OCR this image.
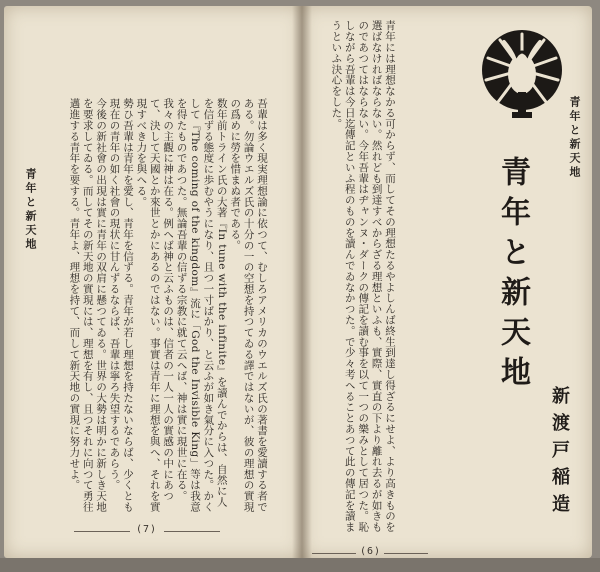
青年と新天地	吾輩は多く現実理想論に依つて、むしろアメリカのウエルズ氏の著書を愛讀する者である。勿論ウエルズ氏の十分の一の空想を持つてゐる譯ではないが、彼の理想の實現の爲めに勞を惜まぬ者である。
数年前トライン氏の大著『In tune with the infinite』を讀んでからは、自然に人を信ずる態度に歩むやうになり、且つ一寸ばかり、と云ふが如き氣分に入つた。かくして『The coming of the kingdom』流に「God the Invisible King」等は我意を得たものであつた。無論吾輩の信ずる宗教に就て云へば、神は實に現世に在る。我々の主觀に神は在る。例へば神と云ふものは、信者の一人一人の實感の中にあつて、決して天國とか來世とかにあるのではない。事實は青年に理想を與へ、それを實現すべき力を與へる。
勢ひ吾輩は青年を愛し、青年を信ずる。青年が若し理想を持たないならば、少くとも現在の青年の如く社會の現状に甘んずるならば、吾輩は寧ろ失望するであらう。
今後の新社會の出現は實に青年の双肩に懸つてゐる。世界の大勢は明かに新しき天地を要求してゐる。而してその新天地の實現には、理想を有し、且つそれに向つて勇往邁進する青年を要する。青年よ、理想を持て、而して新天地の實現に努力せよ。
(7)
青年と新天地
青年と新天地
新渡戸稲造
青年には理想なかる可からず、而してその理想たるやよしんば終生到達し得ざるにせよ、より高きものを選ばなければならない。然れども到達すべからざる理想といふも、實際、實直の下より離れ去るが如きものであつてはならない。今年吾輩はヂャンヌ・ダークの傳記を讀む事を以て一つの樂みとして居つた。恥しながら吾輩は今日迄傳記といふ程のものを讀んでゐなかつた。で少々考へることあつて此の傳記を讀まうといふ決心をした。
(6)
